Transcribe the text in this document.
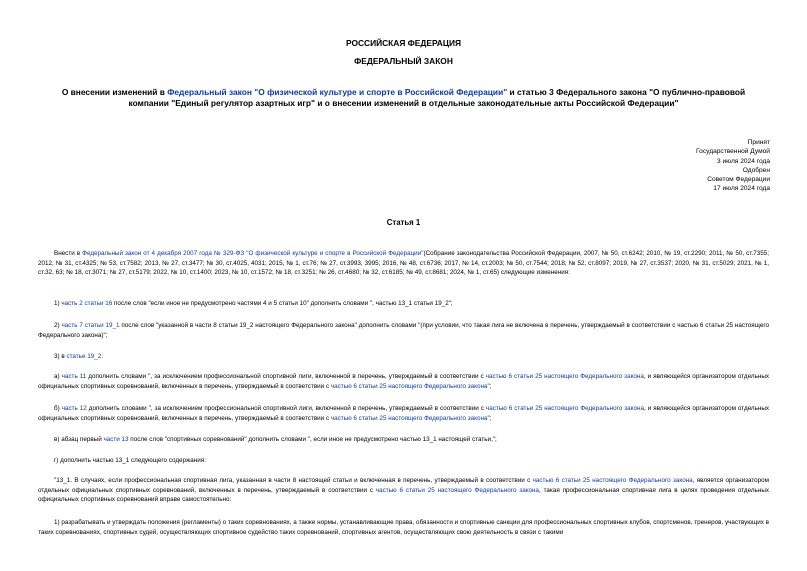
РОССИЙСКАЯ ФЕДЕРАЦИЯ
ФЕДЕРАЛЬНЫЙ ЗАКОН
О внесении изменений в Федеральный закон "О физической культуре и спорте в Российской Федерации" и статью 3 Федерального закона "О публично-правовой
компании "Единый регулятор азартных игр" и о внесении изменений в отдельные законодательные акты Российской Федерации"
Принят
Государственной Думой
3 июля 2024 года
Одобрен
Советом Федерации
17 июля 2024 года
Статья 1
Внести в Федеральный закон от 4 декабря 2007 года № 329-ФЗ "О физической культуре и спорте в Российской Федерации"(Собрание законодательства Российской Федерации, 2007, № 50, ст.6242; 2010, № 19, ст.2290; 2011, № 50, ст.7355; 2012, № 31, ст.4325; № 53, ст.7582; 2013, № 27, ст.3477; № 30, ст.4025, 4031; 2015, № 1, ст.76; № 27, ст.3993, 3995; 2016, № 48, ст.6736; 2017, № 14, ст.2003; № 50, ст.7544; 2018, № 52, ст.8097; 2019, № 27, ст.3537; 2020, № 31, ст.5029; 2021, № 1, ст.32, 63; № 18, ст.3071; № 27, ст.5179; 2022, № 10, ст.1400; 2023, № 10, ст.1572; № 18, ст.3251; № 26, ст.4680; № 32, ст.6185; № 49, ст.8681; 2024, № 1, ст.65) следующие изменения:
1) часть 2 статьи 16 после слов "если иное не предусмотрено частями 4 и 5 статьи 10" дополнить словами ", частью 13_1 статьи 19_2";
2) часть 7 статьи 19_1 после слов "указанной в части 8 статьи 19_2 настоящего Федерального закона" дополнить словами "(при условии, что такая лига не включена в перечень, утверждаемый в соответствии с частью 6 статьи 25 настоящего Федерального закона)";
3) в статье 19_2:
а) часть 11 дополнить словами ", за исключением профессиональной спортивной лиги, включенной в перечень, утверждаемый в соответствии с частью 6 статьи 25 настоящего Федерального закона, и являющейся организатором отдельных официальных спортивных соревнований, включенных в перечень, утверждаемый в соответствии с частью 6 статьи 25 настоящего Федерального закона";
б) часть 12 дополнить словами ", за исключением профессиональной спортивной лиги, включенной в перечень, утверждаемый в соответствии с частью 6 статьи 25 настоящего Федерального закона, и являющейся организатором отдельных официальных спортивных соревнований, включенных в перечень, утверждаемый в соответствии с частью 6 статьи 25 настоящего Федерального закона";
в) абзац первый части 13 после слов "спортивных соревнований" дополнить словами ", если иное не предусмотрено частью 13_1 настоящей статьи,";
г) дополнить частью 13_1 следующего содержания:
"13_1. В случаях, если профессиональная спортивная лига, указанная в части 8 настоящей статьи и включенная в перечень, утверждаемый в соответствии с частью 6 статьи 25 настоящего Федерального закона, является организатором отдельных официальных спортивных соревнований, включенных в перечень, утверждаемый в соответствии с частью 6 статьи 25 настоящего Федерального закона, такая профессиональная спортивная лига в целях проведения отдельных официальных спортивных соревнований вправе самостоятельно:
1) разрабатывать и утверждать положения (регламенты) о таких соревнованиях, а также нормы, устанавливающие права, обязанности и спортивные санкции для профессиональных спортивных клубов, спортсменов, тренеров, участвующих в таких соревнованиях, спортивных судей, осуществляющих спортивное судейство таких соревнований, спортивных агентов, осуществляющих свою деятельность в связи с такими
